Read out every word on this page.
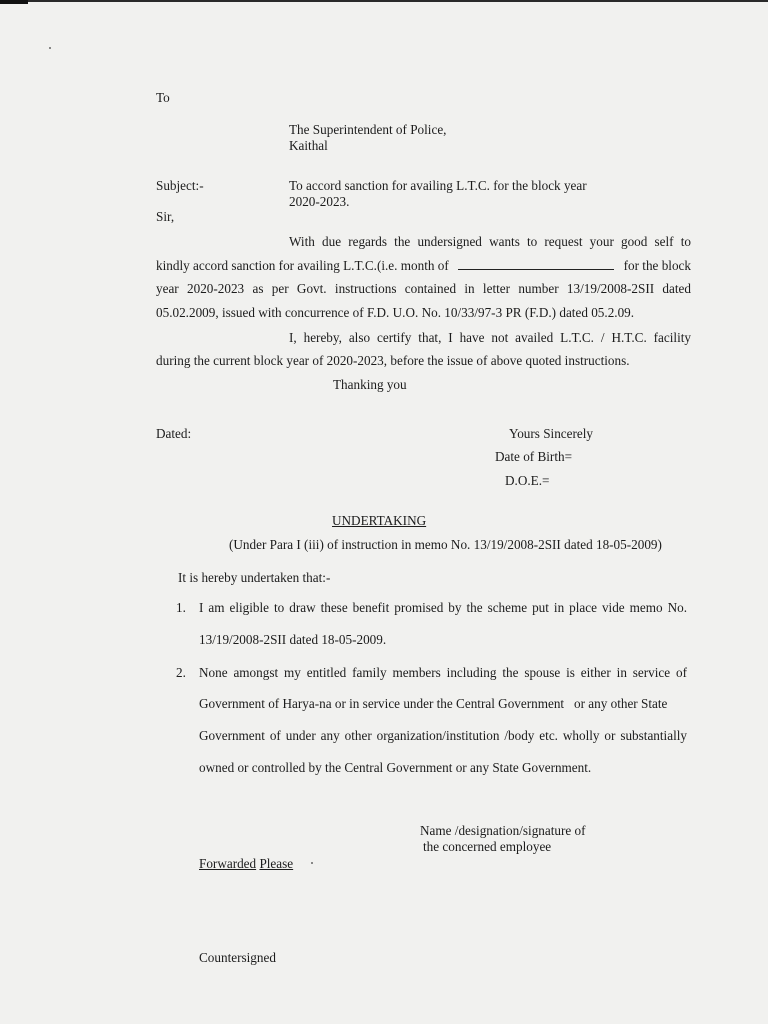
To
The Superintendent of Police,
Kaithal
Subject:-	To accord sanction for availing L.T.C. for the block year
2020-2023.
Sir,
With due regards the undersigned wants to request your good self to
kindly accord sanction for availing L.T.C.(i.e. month of	for the block
year 2020-2023 as per Govt. instructions contained in letter number 13/19/2008-2SII dated
05.02.2009, issued with concurrence of F.D. U.O. No. 10/33/97-3 PR (F.D.) dated 05.2.09.
I, hereby, also certify that, I have not availed L.T.C. / H.T.C. facility
during the current block year of 2020-2023, before the issue of above quoted instructions.
Thanking you
Dated:	Yours Sincerely
Date of Birth=
D.O.E.=
UNDERTAKING
(Under Para I (iii) of instruction in memo No. 13/19/2008-2SII dated 18-05-2009)
It is hereby undertaken that:-
1. I am eligible to draw these benefit promised by the scheme put in place vide memo No.
13/19/2008-2SII dated 18-05-2009.
2. None amongst my entitled family members including the spouse is either in service of
Government of Harya-na or in service under the Central Government   or any other State
Government of under any other organization/institution /body etc. wholly or substantially
owned or controlled by the Central Government or any State Government.
Name /designation/signature of
the concerned employee
Forwarded Please
Countersigned
